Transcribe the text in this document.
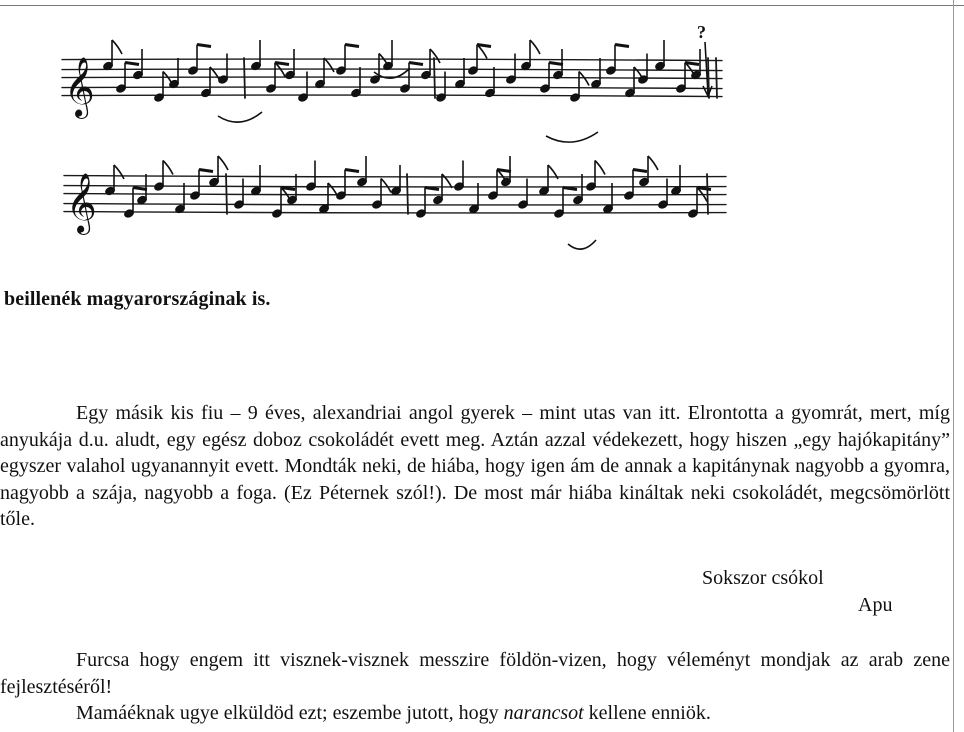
𝄞
𝄞
?
beillenék magyarországinak is.

Egy másik kis fiu – 9 éves, alexandriai angol gyerek – mint utas van itt. Elrontotta a gyomrát, mert, míg anyukája d.u. aludt, egy egész doboz csokoládét evett meg. Aztán azzal védekezett, hogy hiszen „egy hajókapitány” egyszer valahol ugyanannyit evett. Mondták neki, de hiába, hogy igen ám de annak a kapitánynak nagyobb a gyomra, nagyobb a szája, nagyobb a foga. (Ez Péternek szól!). De most már hiába kináltak neki csokoládét, megcsömörlött tőle.

Sokszor csókol
Apu

Furcsa hogy engem itt visznek-visznek messzire földön-vizen, hogy véleményt mondjak az arab zene fejlesztéséről!

Mamáéknak ugye elküldöd ezt; eszembe jutott, hogy narancsot kellene enniök.
